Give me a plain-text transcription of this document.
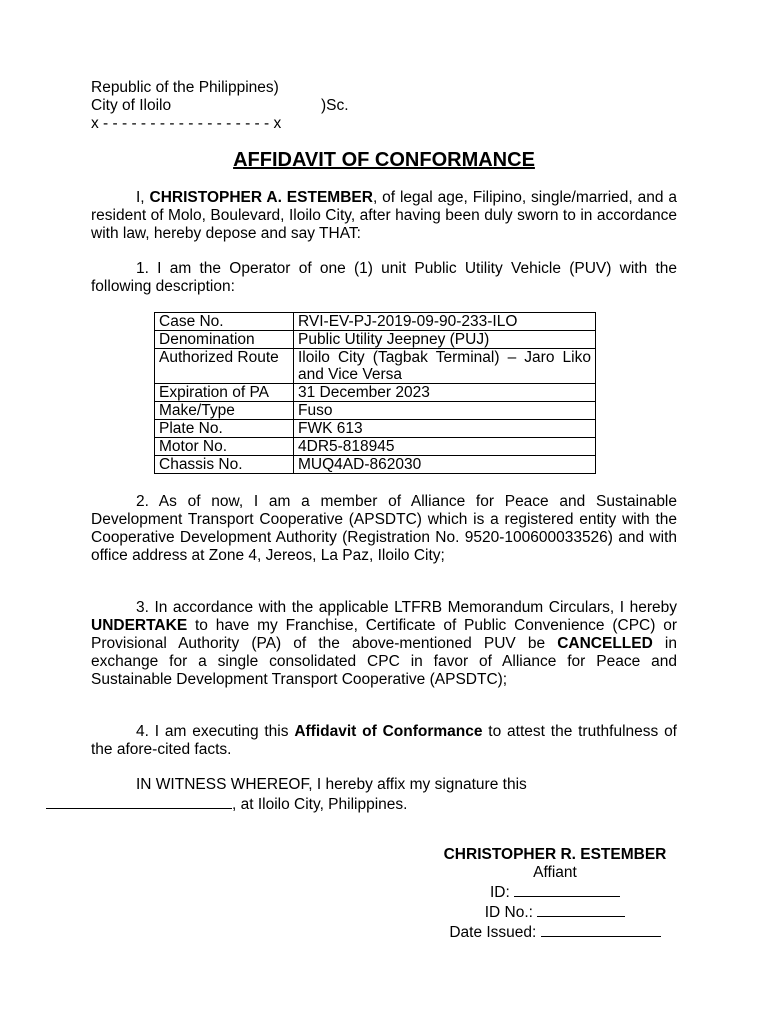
Republic of the Philippines)
City of Iloilo	)Sc.
x - - - - - - - - - - - - - - - - - - x
AFFIDAVIT OF CONFORMANCE
I, CHRISTOPHER A. ESTEMBER, of legal age, Filipino, single/married, and a resident of Molo, Boulevard, Iloilo City, after having been duly sworn to in accordance with law, hereby depose and say THAT:
1. I am the Operator of one (1) unit Public Utility Vehicle (PUV) with the following description:
Case No.	RVI-EV-PJ-2019-09-90-233-ILO
Denomination	Public Utility Jeepney (PUJ)
Authorized Route	Iloilo City (Tagbak Terminal) – Jaro Liko and Vice Versa
Expiration of PA	31 December 2023
Make/Type	Fuso
Plate No.	FWK 613
Motor No.	4DR5-818945
Chassis No.	MUQ4AD-862030
2. As of now, I am a member of Alliance for Peace and Sustainable Development Transport Cooperative (APSDTC) which is a registered entity with the Cooperative Development Authority (Registration No. 9520-100600033526) and with office address at Zone 4, Jereos, La Paz, Iloilo City;
3. In accordance with the applicable LTFRB Memorandum Circulars, I hereby UNDERTAKE to have my Franchise, Certificate of Public Convenience (CPC) or Provisional Authority (PA) of the above-mentioned PUV be CANCELLED in exchange for a single consolidated CPC in favor of Alliance for Peace and Sustainable Development Transport Cooperative (APSDTC);
4. I am executing this Affidavit of Conformance to attest the truthfulness of the afore-cited facts.
IN WITNESS WHEREOF, I hereby affix my signature this
, at Iloilo City, Philippines.
CHRISTOPHER R. ESTEMBER
Affiant
ID:
ID No.:
Date Issued:
